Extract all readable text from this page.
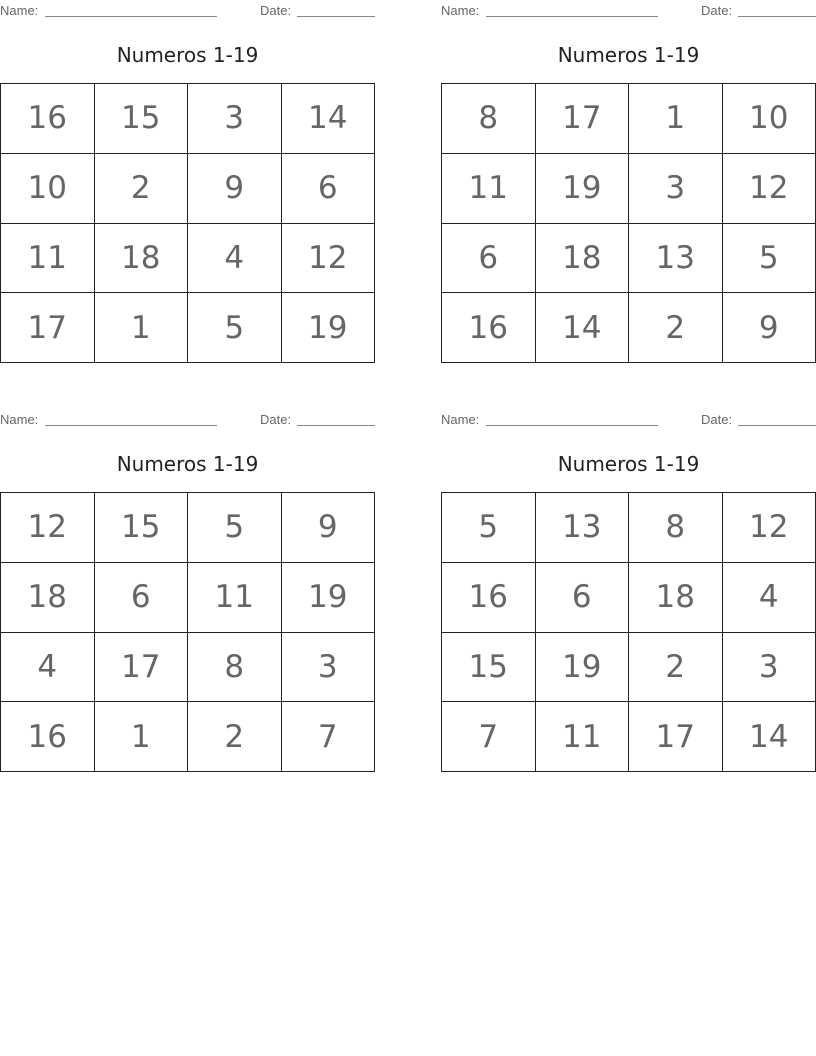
Name:	Date:
Numeros 1-19
16	15	3	14
10	2	9	6
11	18	4	12
17	1	5	19
Name:	Date:
Numeros 1-19
8	17	1	10
11	19	3	12
6	18	13	5
16	14	2	9
Name:	Date:
Numeros 1-19
12	15	5	9
18	6	11	19
4	17	8	3
16	1	2	7
Name:	Date:
Numeros 1-19
5	13	8	12
16	6	18	4
15	19	2	3
7	11	17	14
